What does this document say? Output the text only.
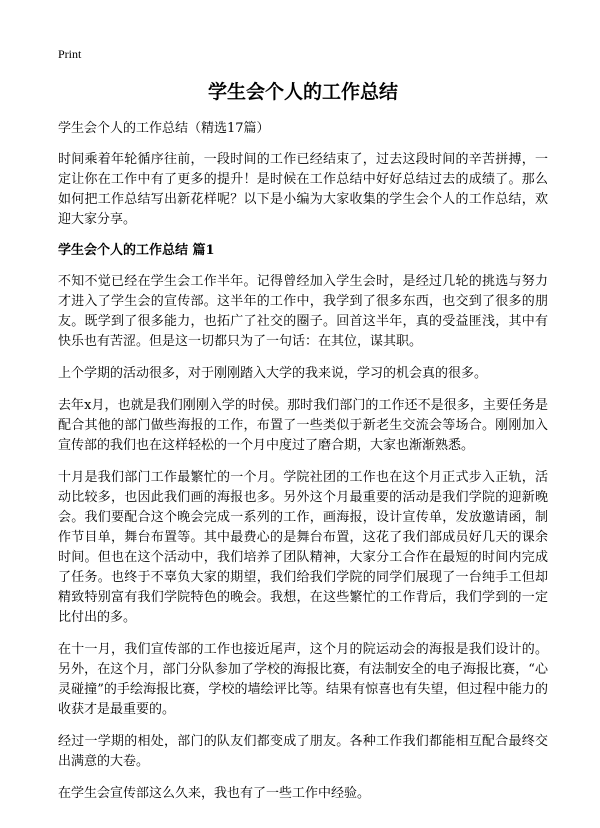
Print
学生会个人的工作总结

学生会个人的工作总结（精选17篇）

时间乘着年轮循序往前，一段时间的工作已经结束了，过去这段时间的辛苦拼搏，一定让你在工作中有了更多的提升！是时候在工作总结中好好总结过去的成绩了。那么如何把工作总结写出新花样呢？以下是小编为大家收集的学生会个人的工作总结，欢迎大家分享。

学生会个人的工作总结 篇1

不知不觉已经在学生会工作半年。记得曾经加入学生会时，是经过几轮的挑选与努力才进入了学生会的宣传部。这半年的工作中，我学到了很多东西，也交到了很多的朋友。既学到了很多能力，也拓广了社交的圈子。回首这半年，真的受益匪浅，其中有快乐也有苦涩。但是这一切都只为了一句话：在其位，谋其职。

上个学期的活动很多，对于刚刚踏入大学的我来说，学习的机会真的很多。

去年x月，也就是我们刚刚入学的时侯。那时我们部门的工作还不是很多，主要任务是配合其他的部门做些海报的工作，布置了一些类似于新老生交流会等场合。刚刚加入宣传部的我们也在这样轻松的一个月中度过了磨合期，大家也渐渐熟悉。

十月是我们部门工作最繁忙的一个月。学院社团的工作也在这个月正式步入正轨，活动比较多，也因此我们画的海报也多。另外这个月最重要的活动是我们学院的迎新晚会。我们要配合这个晚会完成一系列的工作，画海报，设计宣传单，发放邀请函，制作节目单，舞台布置等。其中最费心的是舞台布置，这花了我们部成员好几天的课余时间。但也在这个活动中，我们培养了团队精神，大家分工合作在最短的时间内完成了任务。也终于不辜负大家的期望，我们给我们学院的同学们展现了一台纯手工但却精致特别富有我们学院特色的晚会。我想，在这些繁忙的工作背后，我们学到的一定比付出的多。

在十一月，我们宣传部的工作也接近尾声，这个月的院运动会的海报是我们设计的。另外，在这个月，部门分队参加了学校的海报比赛，有法制安全的电子海报比赛，“心灵碰撞”的手绘海报比赛，学校的墙绘评比等。结果有惊喜也有失望，但过程中能力的收获才是最重要的。

经过一学期的相处，部门的队友们都变成了朋友。各种工作我们都能相互配合最终交出满意的大卷。

在学生会宣传部这么久来，我也有了一些工作中经验。
